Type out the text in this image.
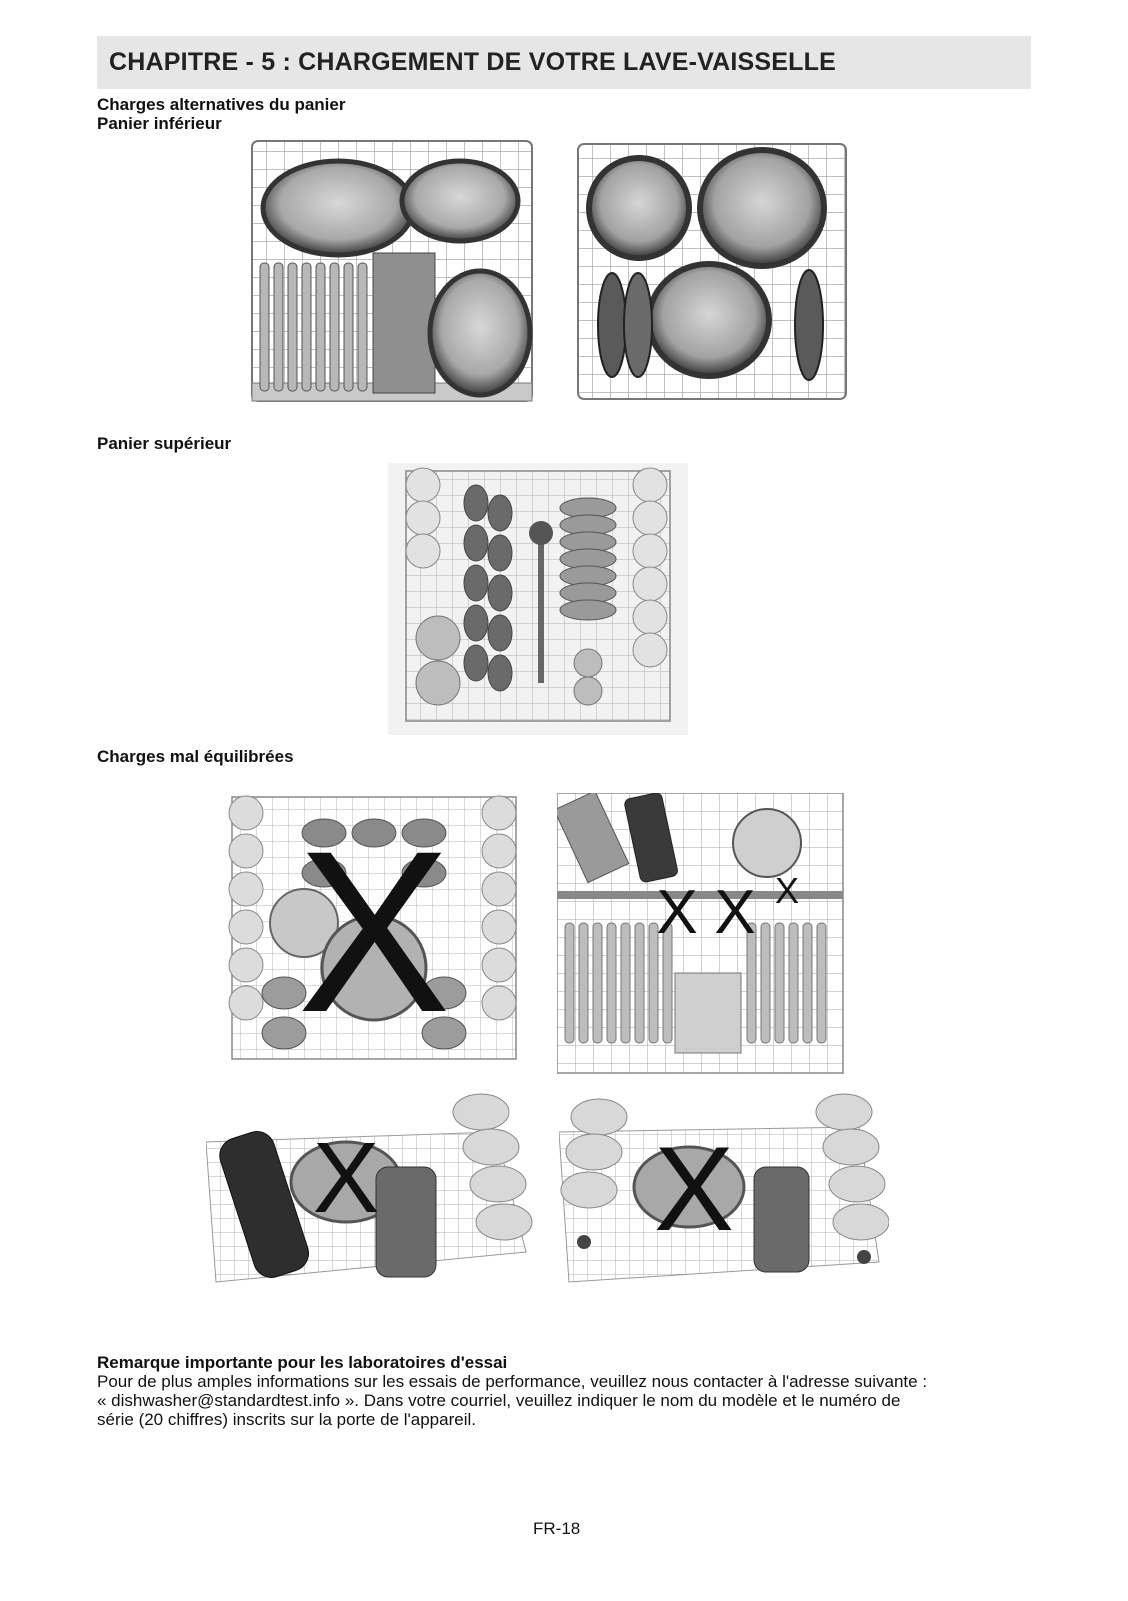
CHAPITRE - 5 : CHARGEMENT DE VOTRE LAVE-VAISSELLE
Charges alternatives du panier
Panier inférieur
Panier supérieur
Charges mal équilibrées
X	X X X
X X
Remarque importante pour les laboratoires d'essai
Pour de plus amples informations sur les essais de performance, veuillez nous contacter à l'adresse suivante :
« dishwasher@standardtest.info ». Dans votre courriel, veuillez indiquer le nom du modèle et le numéro de
série (20 chiffres) inscrits sur la porte de l'appareil.
FR-18
